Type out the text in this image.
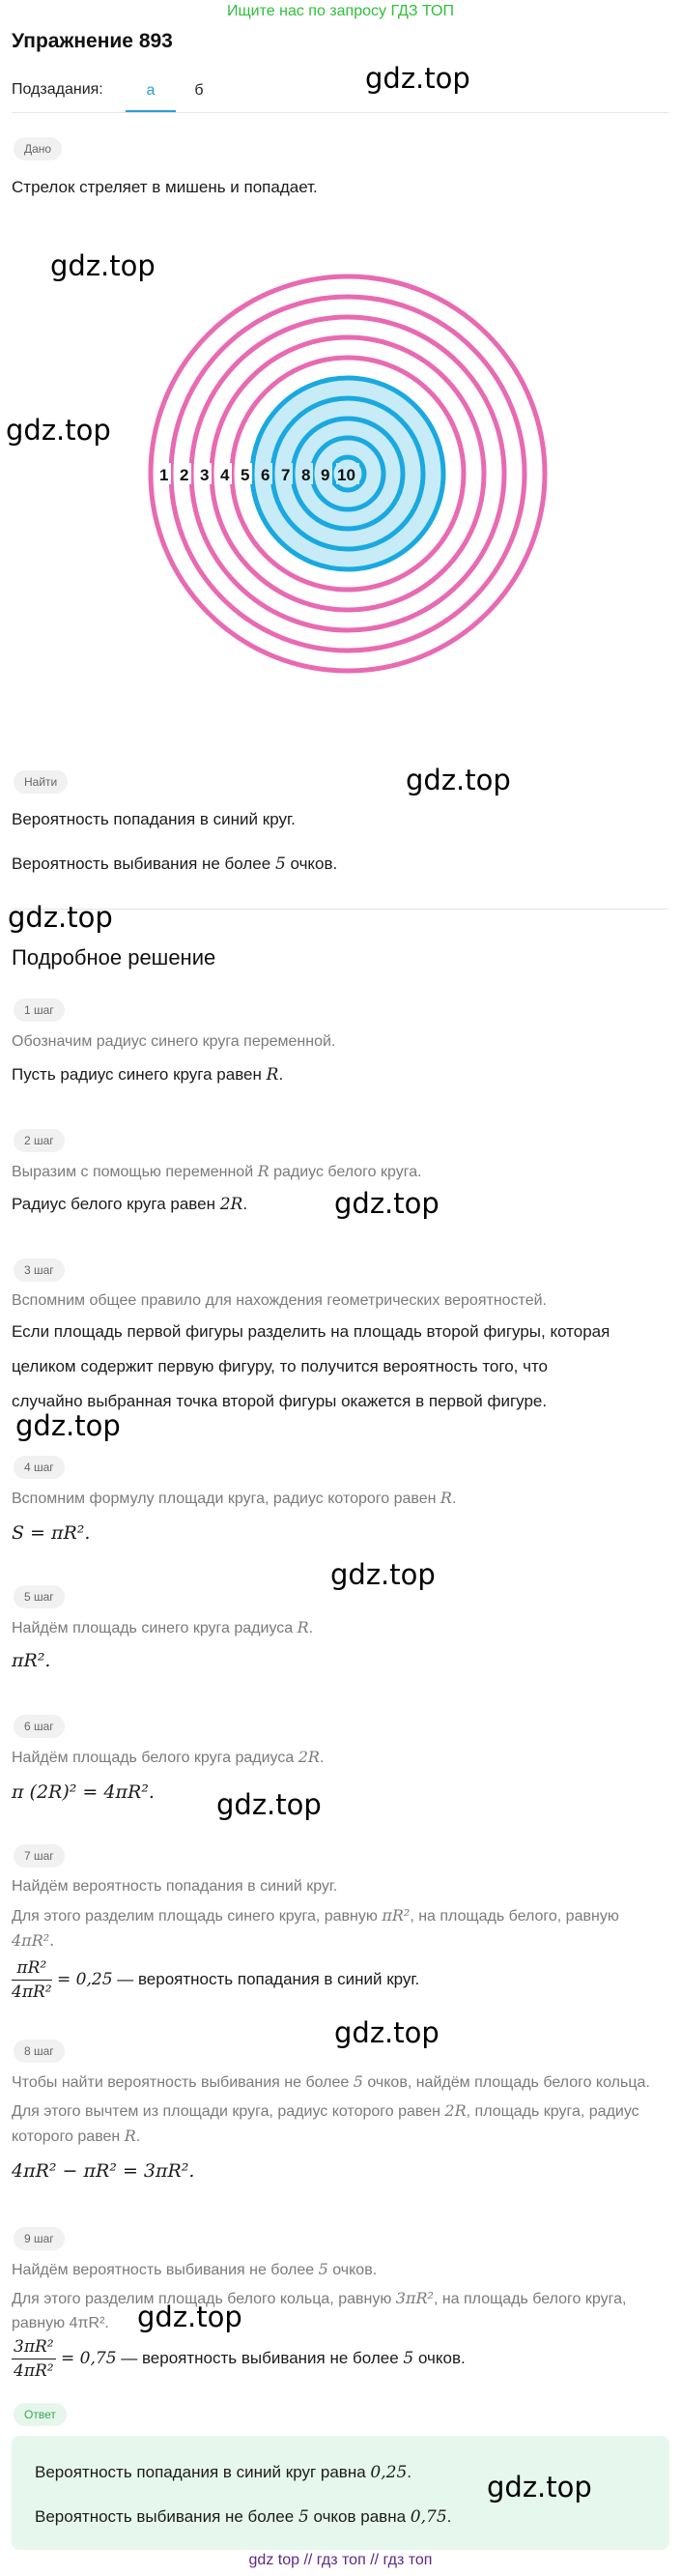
Ищите нас по запросу ГДЗ ТОП
Упражнение 893
Подзадания:	а	б
Дано
Стрелок стреляет в мишень и попадает.
1 2 3 4 5 6 7 8 9 10
Найти
Вероятность попадания в синий круг.
Вероятность выбивания не более 5 очков.
Подробное решение
1 шаг
Обозначим радиус синего круга переменной.
Пусть радиус синего круга равен R.
2 шаг
Выразим с помощью переменной R радиус белого круга.
Радиус белого круга равен 2R.
3 шаг
Вспомним общее правило для нахождения геометрических вероятностей.
Если площадь первой фигуры разделить на площадь второй фигуры, которая
целиком содержит первую фигуру, то получится вероятность того, что
случайно выбранная точка второй фигуры окажется в первой фигуре.
4 шаг
Вспомним формулу площади круга, радиус которого равен R.
S = πR².
5 шаг
Найдём площадь синего круга радиуса R.
πR².
6 шаг
Найдём площадь белого круга радиуса 2R.
π (2R)² = 4πR².
7 шаг
Найдём вероятность попадания в синий круг.
Для этого разделим площадь синего круга, равную πR², на площадь белого, равную
4πR².
$\frac{\text{πR²}}{\text{4πR²}} = 0,25$ — вероятность попадания в синий круг.
8 шаг
Чтобы найти вероятность выбивания не более 5 очков, найдём площадь белого кольца.
Для этого вычтем из площади круга, радиус которого равен 2R, площадь круга, радиус
которого равен R.
4πR² − πR² = 3πR².
9 шаг
Найдём вероятность выбивания не более 5 очков.
Для этого разделим площадь белого кольца, равную 3πR², на площадь белого круга,
равную 4πR².
$\frac{\text{3πR²}}{\text{4πR²}} = 0,75$ — вероятность выбивания не более 5 очков.
Ответ
Вероятность попадания в синий круг равна 0,25.
Вероятность выбивания не более 5 очков равна 0,75.
gdz top // гдз топ // гдз топ
gdz.top
gdz.top
gdz.top
gdz.top
gdz.top
gdz.top
gdz.top
gdz.top
gdz.top
gdz.top
gdz.top
gdz.top
